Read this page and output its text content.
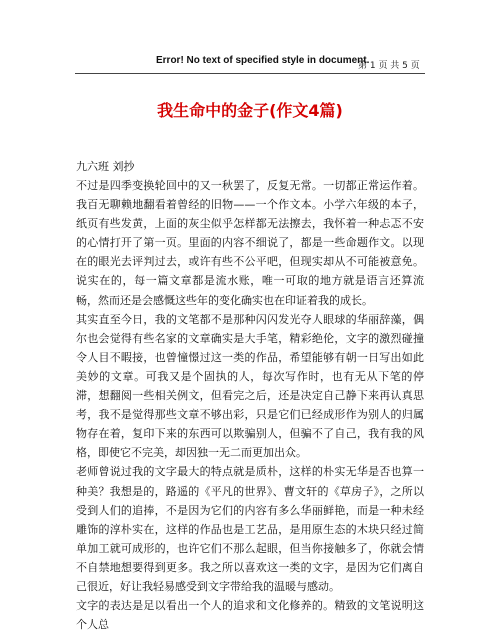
Error! No text of specified style in document.
第 1 页 共 5 页
我生命中的金子(作文4篇)
九六班 刘抄

不过是四季变换轮回中的又一秋罢了，反复无常。一切都正常运作着。我百无聊赖地翻看着曾经的旧物——一个作文本。小学六年级的本子，纸页有些发黄，上面的灰尘似乎怎样都无法擦去，我怀着一种忐忑不安的心情打开了第一页。里面的内容不细说了，都是一些命题作文。以现在的眼光去评判过去，或许有些不公平吧，但现实却从不可能被意免。说实在的，每一篇文章都是流水账，唯一可取的地方就是语言还算流畅，然而还是会感慨这些年的变化确实也在印证着我的成长。

其实直至今日，我的文笔都不是那种闪闪发光夺人眼球的华丽辞藻，偶尔也会觉得有些名家的文章确实是大手笔，精彩绝伦，文字的激烈碰撞令人目不暇接，也曾憧憬过这一类的作品，希望能够有朝一日写出如此美妙的文章。可我又是个固执的人，每次写作时，也有无从下笔的停滞，想翻阅一些相关例文，但看完之后，还是决定自己静下来再认真思考，我不是觉得那些文章不够出彩，只是它们已经成形作为别人的归属物存在着，复印下来的东西可以欺骗别人，但骗不了自己，我有我的风格，即使它不完美，却因独一无二而更加出众。

老师曾说过我的文字最大的特点就是质朴，这样的朴实无华是否也算一种美？我想是的，路遥的《平凡的世界》、曹文轩的《草房子》，之所以受到人们的追捧，不是因为它们的内容有多么华丽鲜艳，而是一种未经雕饰的淳朴实在，这样的作品也是工艺品，是用原生态的木块只经过简单加工就可成形的，也许它们不那么起眼，但当你接触多了，你就会情不自禁地想要得到更多。我之所以喜欢这一类的文字，是因为它们离自己很近，好让我轻易感受到文字带给我的温暖与感动。

文字的表达是足以看出一个人的追求和文化修养的。精致的文笔说明这个人总
